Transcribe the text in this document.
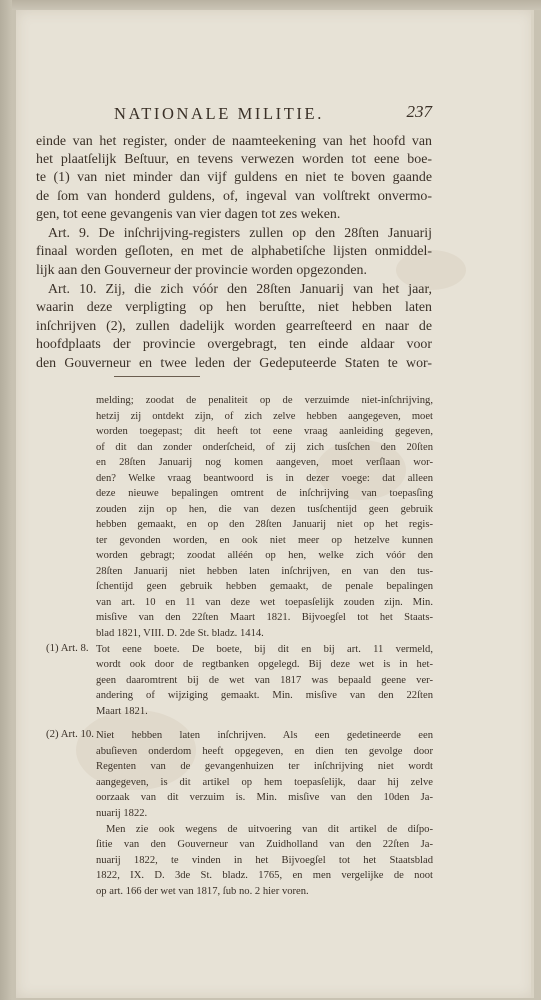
NATIONALE MILITIE.	237
einde van het register, onder de naamteekening van het hoofd van
het plaatſelijk Beſtuur, en tevens verwezen worden tot eene boe-
te (1) van niet minder dan vijf guldens en niet te boven gaande
de ſom van honderd guldens, of, ingeval van volſtrekt onvermo-
gen, tot eene gevangenis van vier dagen tot zes weken.
Art. 9. De inſchrijving-registers zullen op den 28ſten Januarij
finaal worden geſloten, en met de alphabetiſche lijsten onmiddel-
lijk aan den Gouverneur der provincie worden opgezonden.
Art. 10. Zij, die zich vóór den 28ſten Januarij van het jaar,
waarin deze verpligting op hen beruſtte, niet hebben laten
inſchrijven (2), zullen dadelijk worden gearreſteerd en naar de
hoofdplaats der provincie overgebragt, ten einde aldaar voor
den Gouverneur en twee leden der Gedeputeerde Staten te wor-
melding; zoodat de penaliteit op de verzuimde niet-inſchrijving,
hetzij zij ontdekt zijn, of zich zelve hebben aangegeven, moet
worden toegepast; dit heeft tot eene vraag aanleiding gegeven,
of dit dan zonder onderſcheid, of zij zich tusſchen den 20ſten
en 28ſten Januarij nog komen aangeven, moet verſlaan wor-
den? Welke vraag beantwoord is in dezer voege: dat alleen
deze nieuwe bepalingen omtrent de inſchrijving van toepasſing
zouden zijn op hen, die van dezen tusſchentijd geen gebruik
hebben gemaakt, en op den 28ſten Januarij niet op het regis-
ter gevonden worden, en ook niet meer op hetzelve kunnen
worden gebragt; zoodat alléén op hen, welke zich vóór den
28ſten Januarij niet hebben laten inſchrijven, en van den tus-
ſchentijd geen gebruik hebben gemaakt, de penale bepalingen
van art. 10 en 11 van deze wet toepasſelijk zouden zijn. Min.
misſive van den 22ſten Maart 1821. Bijvoegſel tot het Staats-
blad 1821, VIII. D. 2de St. bladz. 1414.
(1) Art. 8. Tot eene boete. De boete, bij dit en bij art. 11 vermeld,
wordt ook door de regtbanken opgelegd. Bij deze wet is in het-
geen daaromtrent bij de wet van 1817 was bepaald geene ver-
andering of wijziging gemaakt. Min. misſive van den 22ſten
Maart 1821.
(2) Art. 10. Niet hebben laten inſchrijven. Als een gedetineerde een
abuſieven onderdom heeft opgegeven, en dien ten gevolge door
Regenten van de gevangenhuizen ter inſchrijving niet wordt
aangegeven, is dit artikel op hem toepasſelijk, daar hij zelve
oorzaak van dit verzuim is. Min. misſive van den 10den Ja-
nuarij 1822.
Men zie ook wegens de uitvoering van dit artikel de diſpo-
ſitie van den Gouverneur van Zuidholland van den 22ſten Ja-
nuarij 1822, te vinden in het Bijvoegſel tot het Staatsblad
1822, IX. D. 3de St. bladz. 1765, en men vergelijke de noot
op art. 166 der wet van 1817, ſub no. 2 hier voren.
